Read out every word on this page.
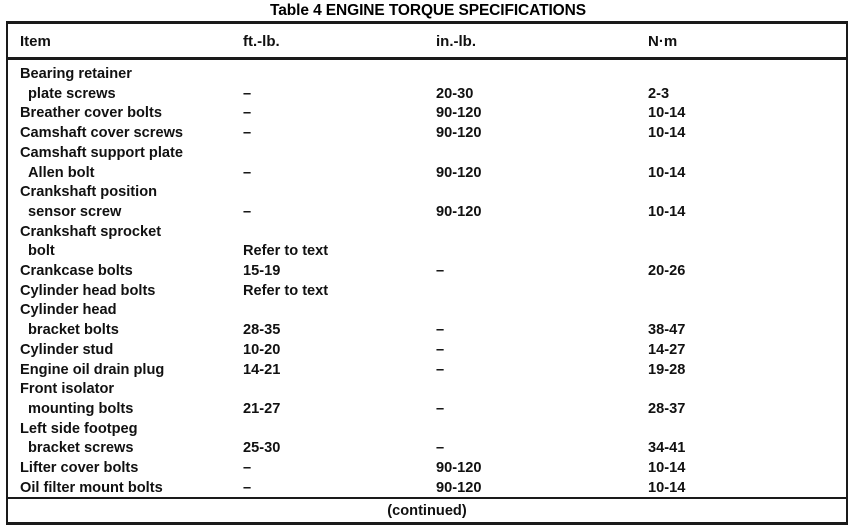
Table 4 ENGINE TORQUE SPECIFICATIONS
Item	ft.-lb.	in.-lb.	N·m
Bearing retainer
plate screws	–	20-30	2-3
Breather cover bolts	–	90-120	10-14
Camshaft cover screws	–	90-120	10-14
Camshaft support plate
Allen bolt	–	90-120	10-14
Crankshaft position
sensor screw	–	90-120	10-14
Crankshaft sprocket
bolt	Refer to text
Crankcase bolts	15-19	–	20-26
Cylinder head bolts	Refer to text
Cylinder head
bracket bolts	28-35	–	38-47
Cylinder stud	10-20	–	14-27
Engine oil drain plug	14-21	–	19-28
Front isolator
mounting bolts	21-27	–	28-37
Left side footpeg
bracket screws	25-30	–	34-41
Lifter cover bolts	–	90-120	10-14
Oil filter mount bolts	–	90-120	10-14
(continued)
